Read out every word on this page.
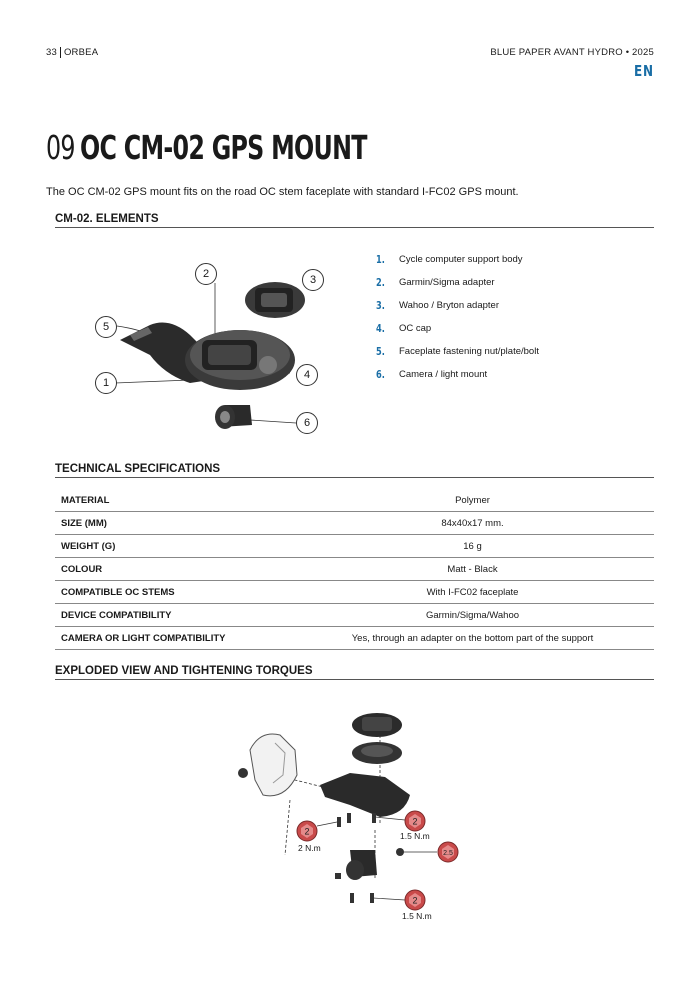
33 ORBEA	BLUE PAPER AVANT HYDRO • 2025
EN
09 OC CM-02 GPS MOUNT
The OC CM-02 GPS mount fits on the road OC stem faceplate with standard I-FC02 GPS mount.
CM-02. ELEMENTS
2	3
5
4
1
6
1.	Cycle computer support body
2.	Garmin/Sigma adapter
3.	Wahoo / Bryton adapter
4.	OC cap
5.	Faceplate fastening nut/plate/bolt
6.	Camera / light mount
TECHNICAL SPECIFICATIONS
MATERIAL	Polymer
SIZE (MM)	84x40x17 mm.
WEIGHT (G)	16 g
COLOUR	Matt - Black
COMPATIBLE OC STEMS	With I-FC02 faceplate
DEVICE COMPATIBILITY	Garmin/Sigma/Wahoo
CAMERA OR LIGHT COMPATIBILITY	Yes, through an adapter on the bottom part of the support
EXPLODED VIEW AND TIGHTENING TORQUES
2
2 N.m
2
1.5 N.m
2.5
2
1.5 N.m
